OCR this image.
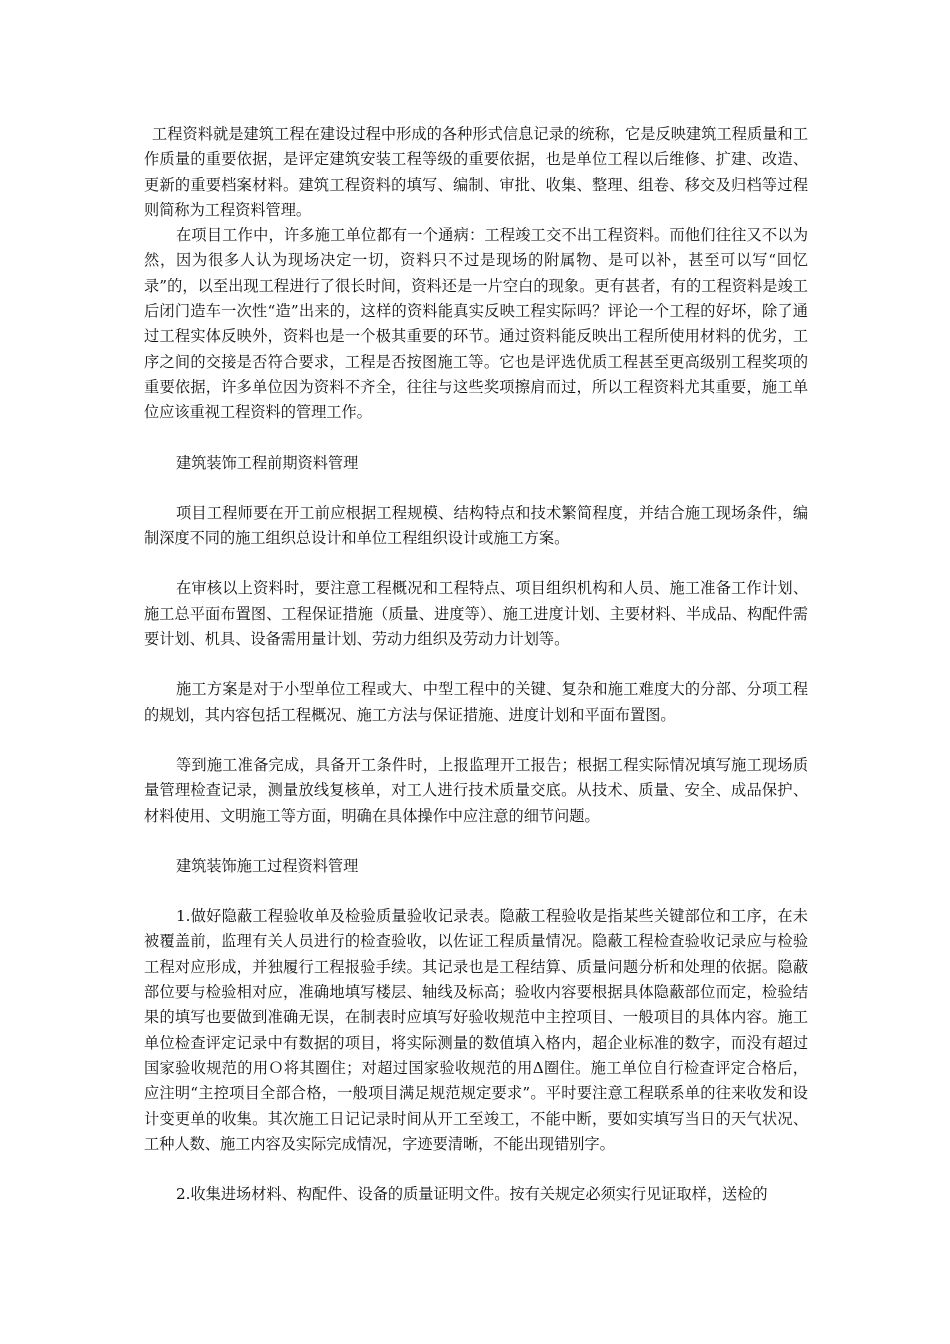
工程资料就是建筑工程在建设过程中形成的各种形式信息记录的统称，它是反映建筑工程质量和工作质量的重要依据，是评定建筑安装工程等级的重要依据，也是单位工程以后维修、扩建、改造、更新的重要档案材料。建筑工程资料的填写、编制、审批、收集、整理、组卷、移交及归档等过程则简称为工程资料管理。

在项目工作中，许多施工单位都有一个通病：工程竣工交不出工程资料。而他们往往又不以为然，因为很多人认为现场决定一切，资料只不过是现场的附属物、是可以补，甚至可以写“回忆录”的，以至出现工程进行了很长时间，资料还是一片空白的现象。更有甚者，有的工程资料是竣工后闭门造车一次性“造”出来的，这样的资料能真实反映工程实际吗？评论一个工程的好坏，除了通过工程实体反映外，资料也是一个极其重要的环节。通过资料能反映出工程所使用材料的优劣，工序之间的交接是否符合要求，工程是否按图施工等。它也是评选优质工程甚至更高级别工程奖项的重要依据，许多单位因为资料不齐全，往往与这些奖项擦肩而过，所以工程资料尤其重要，施工单位应该重视工程资料的管理工作。

建筑装饰工程前期资料管理

项目工程师要在开工前应根据工程规模、结构特点和技术繁简程度，并结合施工现场条件，编制深度不同的施工组织总设计和单位工程组织设计或施工方案。

在审核以上资料时，要注意工程概况和工程特点、项目组织机构和人员、施工准备工作计划、施工总平面布置图、工程保证措施（质量、进度等）、施工进度计划、主要材料、半成品、构配件需要计划、机具、设备需用量计划、劳动力组织及劳动力计划等。

施工方案是对于小型单位工程或大、中型工程中的关键、复杂和施工难度大的分部、分项工程的规划，其内容包括工程概况、施工方法与保证措施、进度计划和平面布置图。

等到施工准备完成，具备开工条件时，上报监理开工报告；根据工程实际情况填写施工现场质量管理检查记录，测量放线复核单，对工人进行技术质量交底。从技术、质量、安全、成品保护、材料使用、文明施工等方面，明确在具体操作中应注意的细节问题。

建筑装饰施工过程资料管理

1.做好隐蔽工程验收单及检验质量验收记录表。隐蔽工程验收是指某些关键部位和工序，在未被覆盖前，监理有关人员进行的检查验收，以佐证工程质量情况。隐蔽工程检查验收记录应与检验工程对应形成，并独履行工程报验手续。其记录也是工程结算、质量问题分析和处理的依据。隐蔽部位要与检验相对应，准确地填写楼层、轴线及标高；验收内容要根据具体隐蔽部位而定，检验结果的填写也要做到准确无误，在制表时应填写好验收规范中主控项目、一般项目的具体内容。施工单位检查评定记录中有数据的项目，将实际测量的数值填入格内，超企业标准的数字，而没有超过国家验收规范的用Ｏ将其圈住；对超过国家验收规范的用Δ圈住。施工单位自行检查评定合格后，应注明“主控项目全部合格，一般项目满足规范规定要求”。平时要注意工程联系单的往来收发和设计变更单的收集。其次施工日记记录时间从开工至竣工，不能中断，要如实填写当日的天气状况、工种人数、施工内容及实际完成情况，字迹要清晰，不能出现错别字。

2.收集进场材料、构配件、设备的质量证明文件。按有关规定必须实行见证取样，送检的
